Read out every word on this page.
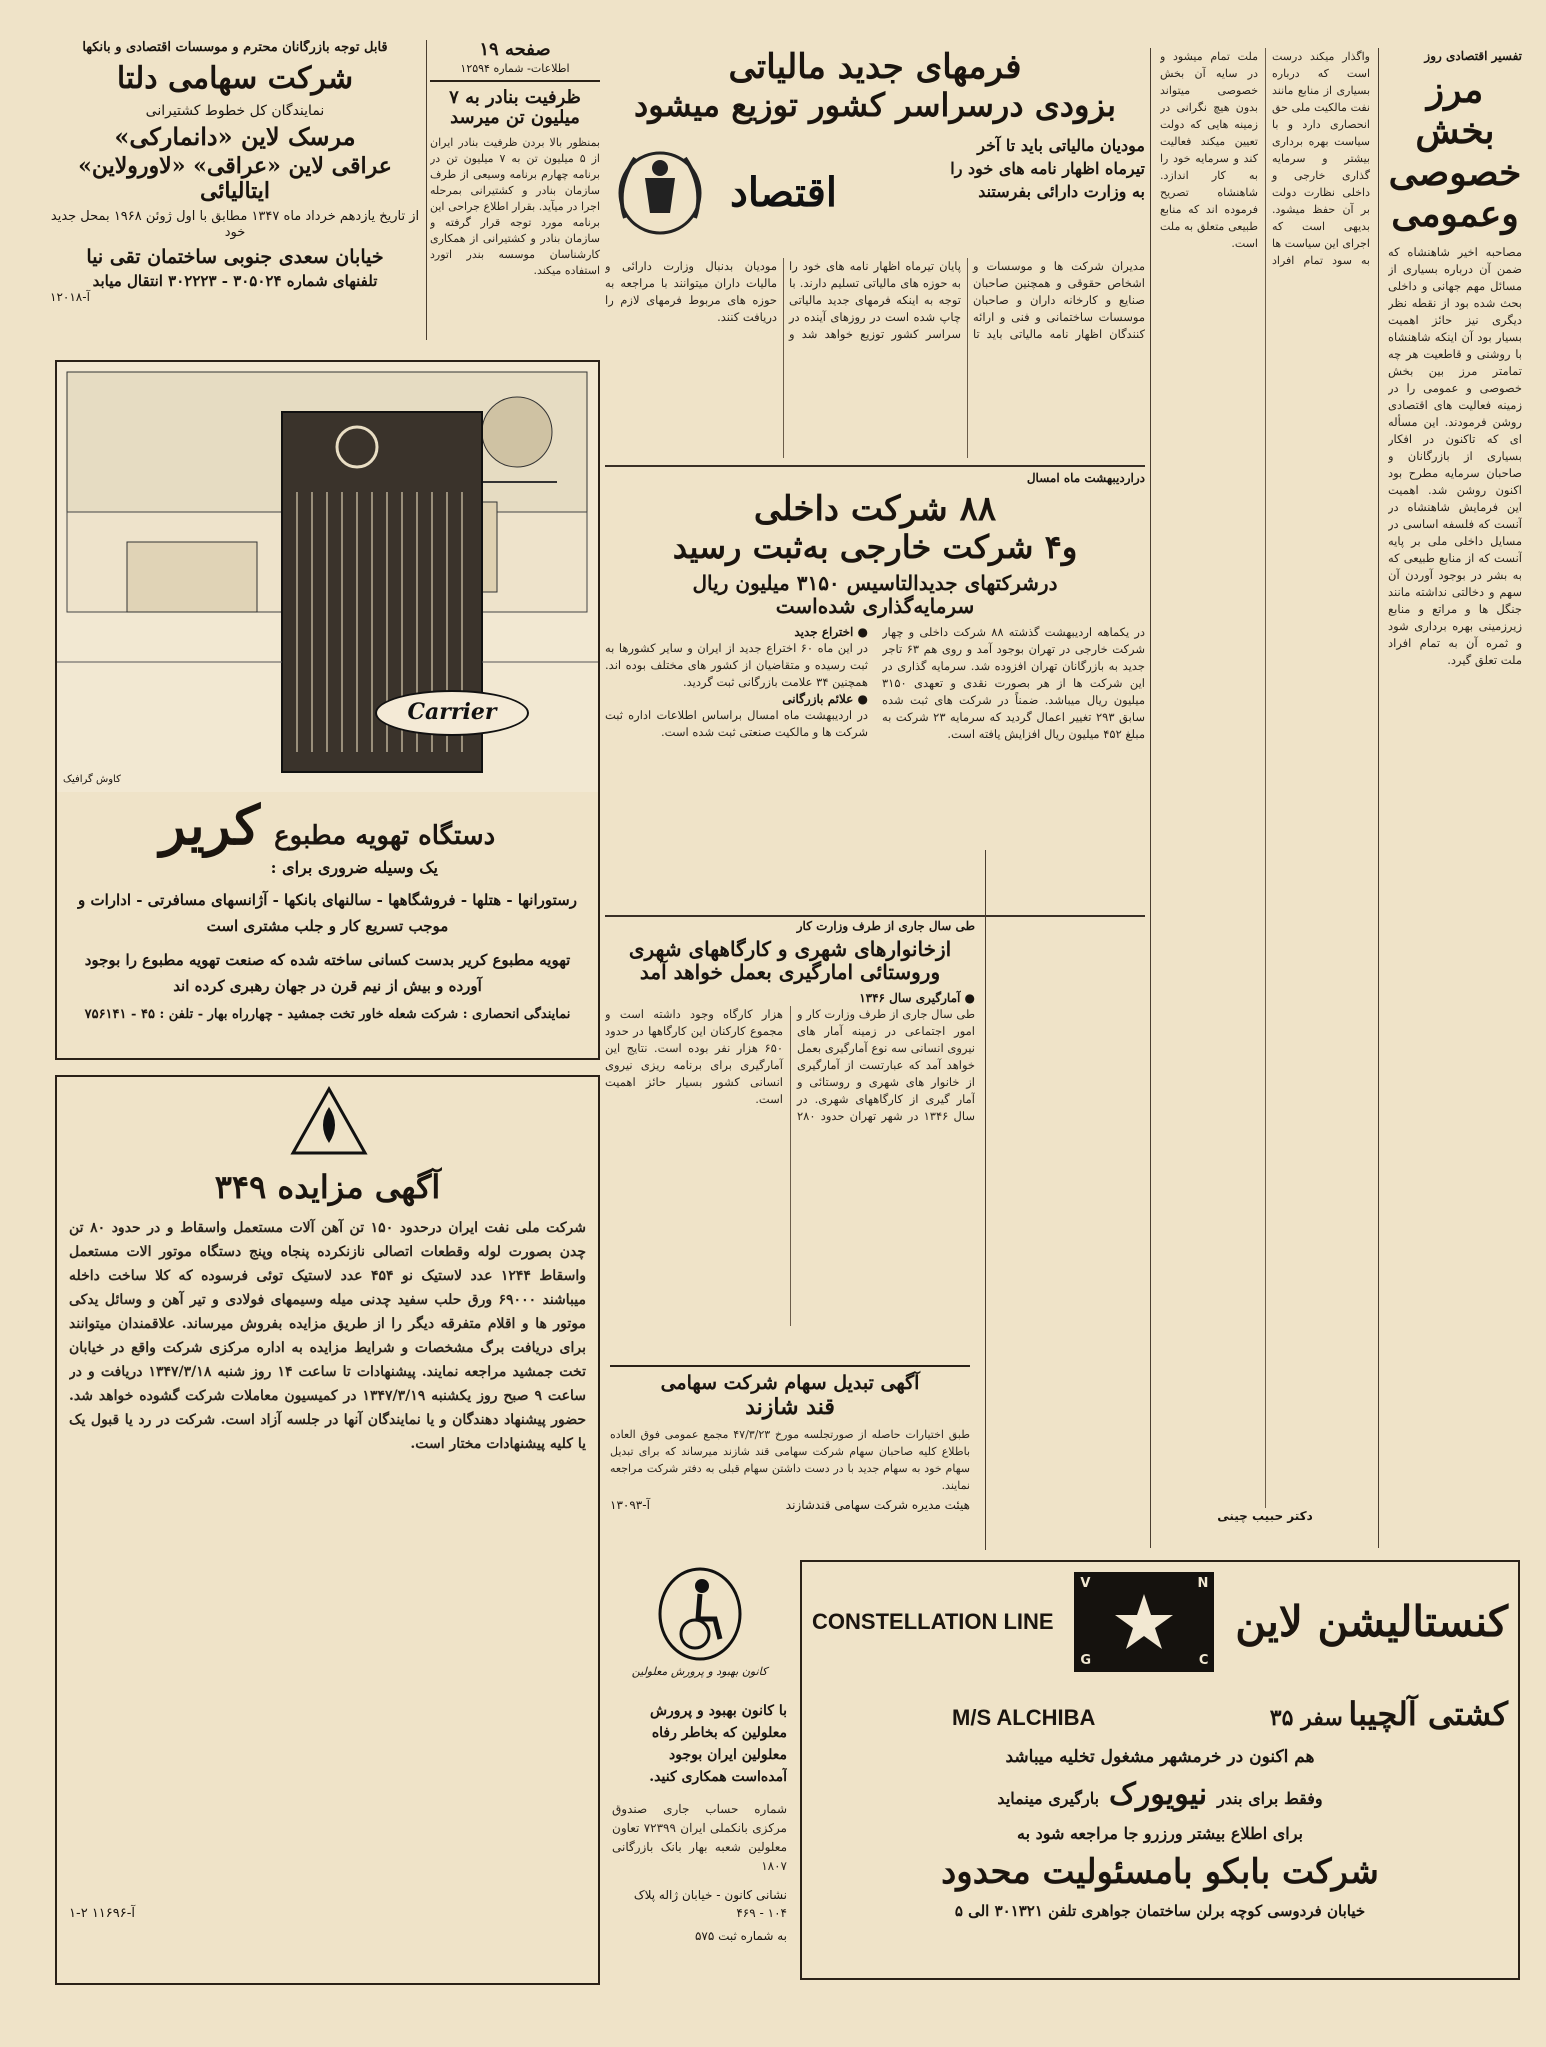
تفسیر اقتصادی روز
مرز بخش
خصوصی
وعمومی
مصاحبه اخیر شاهنشاه که ضمن آن درباره بسیاری از مسائل مهم جهانی و داخلی بحث شده بود از نقطه نظر دیگری نیز حائز اهمیت بسیار بود آن اینکه شاهنشاه با روشنی و قاطعیت هر چه تمامتر مرز بین بخش خصوصی و عمومی را در زمینه فعالیت های اقتصادی روشن فرمودند. این مسأله ای که تاکنون در افکار بسیاری از بازرگانان و صاحبان سرمایه مطرح بود اکنون روشن شد. اهمیت این فرمایش شاهنشاه در آنست که فلسفه اساسی در مسایل داخلی ملی بر پایه آنست که از منابع طبیعی که به بشر در بوجود آوردن آن سهم و دخالتی نداشته مانند جنگل ها و مراتع و منابع زیرزمینی بهره برداری شود و ثمره آن به تمام افراد ملت تعلق گیرد.
واگذار میکند درست است که درباره بسیاری از منابع مانند نفت مالکیت ملی حق انحصاری دارد و با سیاست بهره برداری بیشتر و سرمایه گذاری خارجی و داخلی نظارت دولت بر آن حفظ میشود. بدیهی است که اجرای این سیاست ها به سود تمام افراد ملت تمام میشود و در سایه آن بخش خصوصی میتواند بدون هیچ نگرانی در زمینه هایی که دولت تعیین میکند فعالیت کند و سرمایه خود را به کار اندازد. شاهنشاه تصریح فرموده اند که منابع طبیعی متعلق به ملت است.
دکتر حبیب چینی
فرمهای جدید مالیاتی
بزودی درسراسر کشور توزیع میشود
مودیان مالیاتی باید تا آخر تیرماه اظهار نامه های خود را به وزارت دارائی بفرستند
اقتصاد
مدیران شرکت ها و موسسات و اشخاص حقوقی و همچنین صاحبان صنایع و کارخانه داران و صاحبان موسسات ساختمانی و فنی و ارائه کنندگان اظهار نامه مالیاتی باید تا پایان تیرماه اظهار نامه های خود را به حوزه های مالیاتی تسلیم دارند. با توجه به اینکه فرمهای جدید مالیاتی چاپ شده است در روزهای آینده در سراسر کشور توزیع خواهد شد و مودیان بدنبال وزارت دارائی و مالیات داران میتوانند با مراجعه به حوزه های مربوط فرمهای لازم را دریافت کنند.
دراردیبهشت ماه امسال
۸۸ شرکت داخلی
و۴ شرکت خارجی به‌ثبت رسید
درشرکتهای جدیدالتاسیس ۳۱۵۰ میلیون ریال
سرمایه‌گذاری شده‌است
در یکماهه اردیبهشت گذشته ۸۸ شرکت داخلی و چهار شرکت خارجی در تهران بوجود آمد و روی هم ۶۳ تاجر جدید به بازرگانان تهران افزوده شد. سرمایه گذاری در این شرکت ها از هر بصورت نقدی و تعهدی ۳۱۵۰ میلیون ریال میباشد. ضمناً در شرکت های ثبت شده سابق ۲۹۳ تغییر اعمال گردید که سرمایه ۲۳ شرکت به مبلغ ۴۵۲ میلیون ریال افزایش یافته است.
● اختراع جدید
در این ماه ۶۰ اختراع جدید از ایران و سایر کشورها به ثبت رسیده و متقاضیان از کشور های مختلف بوده اند. همچنین ۳۴ علامت بازرگانی ثبت گردید.
● علائم بازرگانی
در اردیبهشت ماه امسال براساس اطلاعات اداره ثبت شرکت ها و مالکیت صنعتی ثبت شده است.
طی سال جاری از طرف وزارت کار
ازخانوارهای شهری و کارگاههای شهری
وروستائی امارگیری بعمل خواهد آمد
● آمارگیری سال ۱۳۴۶
طی سال جاری از طرف وزارت کار و امور اجتماعی در زمینه آمار های نیروی انسانی سه نوع آمارگیری بعمل خواهد آمد که عبارتست از آمارگیری از خانوار های شهری و روستائی و آمار گیری از کارگاههای شهری. در سال ۱۳۴۶ در شهر تهران حدود ۲۸۰ هزار کارگاه وجود داشته است و مجموع کارکنان این کارگاهها در حدود ۶۵۰ هزار نفر بوده است. نتایج این آمارگیری برای برنامه ریزی نیروی انسانی کشور بسیار حائز اهمیت است.
آگهی تبدیل سهام شرکت سهامی
قند شازند
طبق اختیارات حاصله از صورتجلسه مورخ ۴۷/۳/۲۳ مجمع عمومی فوق العاده باطلاع کلیه صاحبان سهام شرکت سهامی قند شازند میرساند که برای تبدیل سهام خود به سهام جدید با در دست داشتن سهام قبلی به دفتر شرکت مراجعه نمایند.
هیئت مدیره شرکت سهامی قندشازند
آ-۱۳۰۹۳
قابل توجه بازرگانان محترم و موسسات اقتصادی و بانکها
شرکت سهامی دلتا
نمایندگان کل خطوط کشتیرانی
مرسک لاین «دانمارکی»
عراقی لاین «عراقی» «لاورولاین» ایتالیائی
از تاریخ یازدهم خرداد ماه ۱۳۴۷ مطابق با اول ژوئن ۱۹۶۸ بمحل جدید خود
خیابان سعدی جنوبی ساختمان تقی نیا
تلفنهای شماره ۳۰۵۰۲۴ - ۳۰۲۲۲۳ انتقال میابد
آ-۱۲۰۱۸
صفحه ۱۹
اطلاعات- شماره ۱۲۵۹۴
ظرفیت بنادر به ۷
میلیون تن میرسد
بمنظور بالا بردن ظرفیت بنادر ایران از ۵ میلیون تن به ۷ میلیون تن در برنامه چهارم برنامه وسیعی از طرف سازمان بنادر و کشتیرانی بمرحله اجرا در میآید. بقرار اطلاع جراحی این برنامه مورد توجه قرار گرفته و سازمان بنادر و کشتیرانی از همکاری کارشناسان موسسه بندر اتورد استفاده میکند.
Carrier
کاوش گرافیک
دستگاه تهویه مطبوع
کریر
یک وسیله ضروری برای :
رستورانها - هتلها - فروشگاهها - سالنهای بانکها - آژانسهای مسافرتی - ادارات و موجب تسریع کار و جلب مشتری است
تهویه مطبوع کریر بدست کسانی ساخته شده که صنعت تهویه مطبوع را بوجود آورده و بیش از نیم قرن در جهان رهبری کرده اند
نمایندگی انحصاری : شرکت شعله خاور تخت جمشید - چهارراه بهار - تلفن : ۴۵ - ۷۵۶۱۴۱
آگهی مزایده ۳۴۹
شرکت ملی نفت ایران درحدود ۱۵۰ تن آهن آلات مستعمل واسقاط و در حدود ۸۰ تن چدن بصورت لوله وقطعات اتصالی نازنکرده پنجاه وپنج دستگاه موتور الات مستعمل واسقاط ۱۲۴۴ عدد لاستیک نو ۴۵۴ عدد لاستیک توئی فرسوده که کلا ساخت داخله میباشند ۶۹۰۰۰ ورق حلب سفید چدنی میله وسیمهای فولادی و تیر آهن و وسائل یدکی موتور ها و اقلام متفرقه دیگر را از طریق مزایده بفروش میرساند. علاقمندان میتوانند برای دریافت برگ مشخصات و شرایط مزایده به اداره مرکزی شرکت واقع در خیابان تخت جمشید مراجعه نمایند. پیشنهادات تا ساعت ۱۴ روز شنبه ۱۳۴۷/۳/۱۸ دریافت و در ساعت ۹ صبح روز یکشنبه ۱۳۴۷/۳/۱۹ در کمیسیون معاملات شرکت گشوده خواهد شد. حضور پیشنهاد دهندگان و یا نمایندگان آنها در جلسه آزاد است. شرکت در رد یا قبول یک یا کلیه پیشنهادات مختار است.
آ-۱۱۶۹۶ ۲-۱
کانون بهبود و پرورش معلولین
با کانون بهبود و پرورش معلولین که بخاطر رفاه معلولین ایران بوجود آمده‌است همکاری کنید.
شماره حساب جاری صندوق مرکزی بانکملی ایران ۷۲۳۹۹ تعاون معلولین شعبه بهار بانک بازرگانی ۱۸۰۷
نشانی کانون - خیابان ژاله پلاک ۱۰۴ - ۴۶۹
به شماره ثبت ۵۷۵
کنستالیشن لاین
V	N
G	C
CONSTELLATION LINE
کشتی آلچیبا سفر ۳۵
M/S ALCHIBA
هم اکنون در خرمشهر مشغول تخلیه میباشد
وفقط برای بندر
نیویورک
بارگیری مینماید
برای اطلاع بیشتر ورزرو جا مراجعه شود به
شرکت بابکو بامسئولیت محدود
خیابان فردوسی کوچه برلن ساختمان جواهری تلفن ۳۰۱۳۲۱ الی ۵
